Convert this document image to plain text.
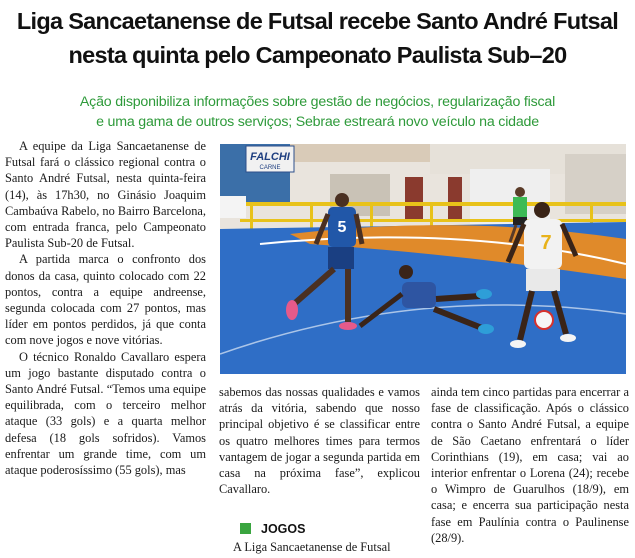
Liga Sancaetanense de Futsal recebe Santo André Futsal
nesta quinta pelo Campeonato Paulista Sub–20
Ação disponibiliza informações sobre gestão de negócios, regularização fiscal
e uma gama de outros serviços; Sebrae estreará novo veículo na cidade

A equipe da Liga Sancaetanense de Futsal fará o clássico regional contra o Santo André Futsal, nesta quinta-feira (14), às 17h30, no Ginásio Joaquim Cambaúva Rabelo, no Bairro Barcelona, com entrada franca, pelo Campeonato Paulista Sub-20 de Futsal.

A partida marca o confronto dos donos da casa, quinto colocado com 22 pontos, contra a equipe andreense, segunda colocada com 27 pontos, mas líder em pontos perdidos, já que conta com nove jogos e nove vitórias.

O técnico Ronaldo Cavallaro espera um jogo bastante disputado contra o Santo André Futsal. “Temos uma equipe equilibrada, com o terceiro melhor ataque (33 gols) e a quarta melhor defesa (18 gols sofridos). Vamos enfrentar um grande time, com um ataque poderosíssimo (55 gols), mas

FALCHI
CARNE
5
7

sabemos das nossas qualidades e vamos atrás da vitória, sabendo que nosso principal objetivo é se classificar entre os quatro melhores times para termos vantagem de jogar a segunda partida em casa na próxima fase”, explicou Cavallaro.

JOGOS
A Liga Sancaetanense de Futsal

ainda tem cinco partidas para encerrar a fase de classificação. Após o clássico contra o Santo André Futsal, a equipe de São Caetano enfrentará o líder Corinthians (19), em casa; vai ao interior enfrentar o Lorena (24); recebe o Wimpro de Guarulhos (18/9), em casa; e encerra sua participação nesta fase em Paulínia contra o Paulinense (28/9).
